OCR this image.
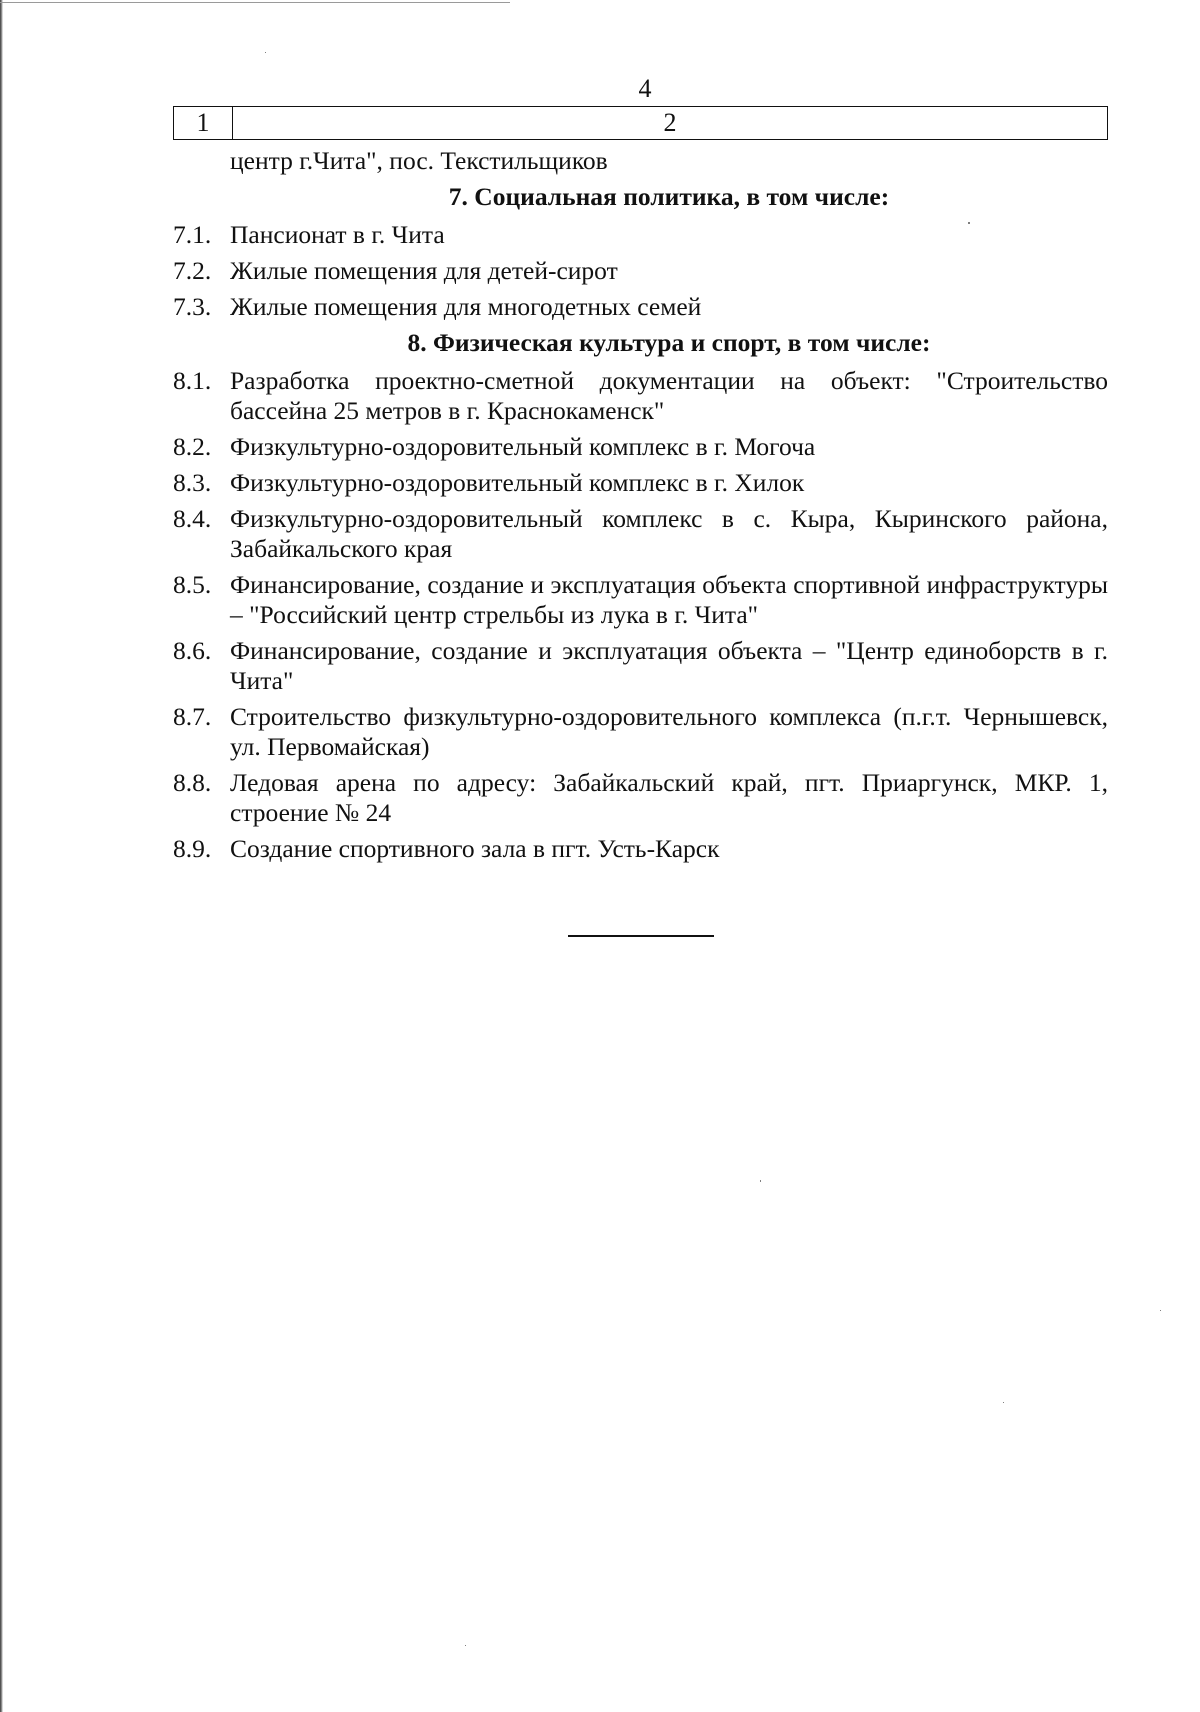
4
1	2
центр г.Чита", пос. Текстильщиков
7. Социальная политика, в том числе:
7.1. Пансионат в г. Чита
7.2. Жилые помещения для детей-сирот
7.3. Жилые помещения для многодетных семей
8. Физическая культура и спорт, в том числе:
8.1. Разработка проектно-сметной документации на объект: "Строительство бассейна 25 метров в г. Краснокаменск"
8.2. Физкультурно-оздоровительный комплекс в г. Могоча
8.3. Физкультурно-оздоровительный комплекс в г. Хилок
8.4. Физкультурно-оздоровительный комплекс в с. Кыра, Кыринского района, Забайкальского края
8.5. Финансирование, создание и эксплуатация объекта спортивной инфраструктуры – "Российский центр стрельбы из лука в г. Чита"
8.6. Финансирование, создание и эксплуатация объекта – "Центр единоборств в г. Чита"
8.7. Строительство физкультурно-оздоровительного комплекса (п.г.т. Чернышевск, ул. Первомайская)
8.8. Ледовая арена по адресу: Забайкальский край, пгт. Приаргунск, МКР. 1, строение № 24
8.9. Создание спортивного зала в пгт. Усть-Карск
